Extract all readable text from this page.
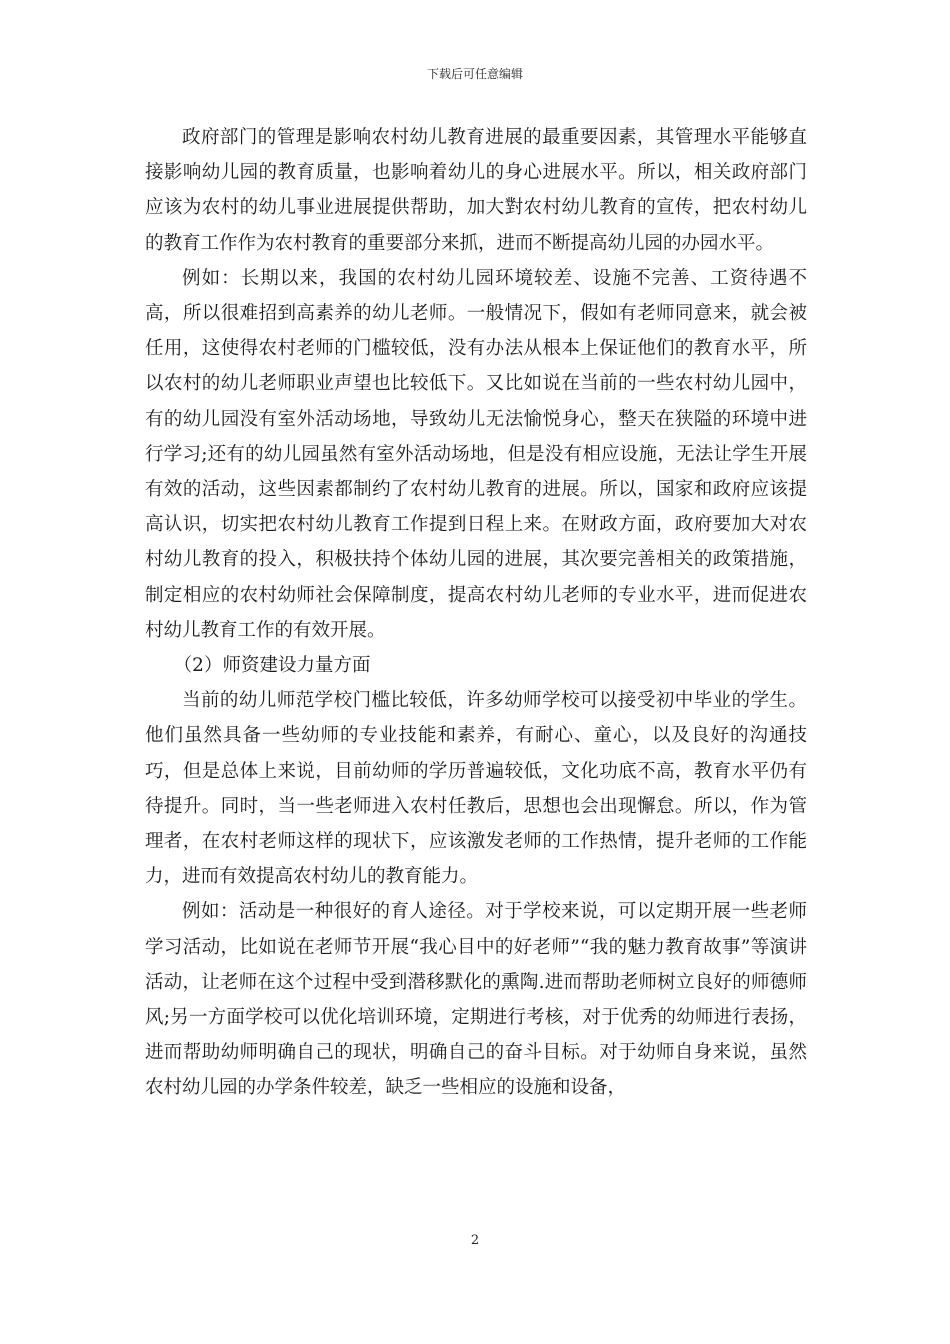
下载后可任意编辑

政府部门的管理是影响农村幼儿教育进展的最重要因素，其管理水平能够直接影响幼儿园的教育质量，也影响着幼儿的身心进展水平。所以，相关政府部门应该为农村的幼儿事业进展提供帮助，加大對农村幼儿教育的宣传，把农村幼儿的教育工作作为农村教育的重要部分来抓，进而不断提高幼儿园的办园水平。

例如：长期以来，我国的农村幼儿园环境较差、设施不完善、工资待遇不高，所以很难招到高素养的幼儿老师。一般情况下，假如有老师同意来，就会被任用，这使得农村老师的门槛较低，没有办法从根本上保证他们的教育水平，所以农村的幼儿老师职业声望也比较低下。又比如说在当前的一些农村幼儿园中，有的幼儿园没有室外活动场地，导致幼儿无法愉悦身心，整天在狭隘的环境中进行学习;还有的幼儿园虽然有室外活动场地，但是没有相应设施，无法让学生开展有效的活动，这些因素都制约了农村幼儿教育的进展。所以，国家和政府应该提高认识，切实把农村幼儿教育工作提到日程上来。在财政方面，政府要加大对农村幼儿教育的投入，积极扶持个体幼儿园的进展，其次要完善相关的政策措施，制定相应的农村幼师社会保障制度，提高农村幼儿老师的专业水平，进而促进农村幼儿教育工作的有效开展。

（2）师资建设力量方面

当前的幼儿师范学校门槛比较低，许多幼师学校可以接受初中毕业的学生。他们虽然具备一些幼师的专业技能和素养，有耐心、童心，以及良好的沟通技巧，但是总体上来说，目前幼师的学历普遍较低，文化功底不高，教育水平仍有待提升。同时，当一些老师进入农村任教后，思想也会出现懈怠。所以，作为管理者，在农村老师这样的现状下，应该激发老师的工作热情，提升老师的工作能力，进而有效提高农村幼儿的教育能力。

例如：活动是一种很好的育人途径。对于学校来说，可以定期开展一些老师学习活动，比如说在老师节开展“我心目中的好老师”“我的魅力教育故事”等演讲活动，让老师在这个过程中受到潜移默化的熏陶.进而帮助老师树立良好的师德师风;另一方面学校可以优化培训环境，定期进行考核，对于优秀的幼师进行表扬，进而帮助幼师明确自己的现状，明确自己的奋斗目标。对于幼师自身来说，虽然农村幼儿园的办学条件较差，缺乏一些相应的设施和设备，

2
